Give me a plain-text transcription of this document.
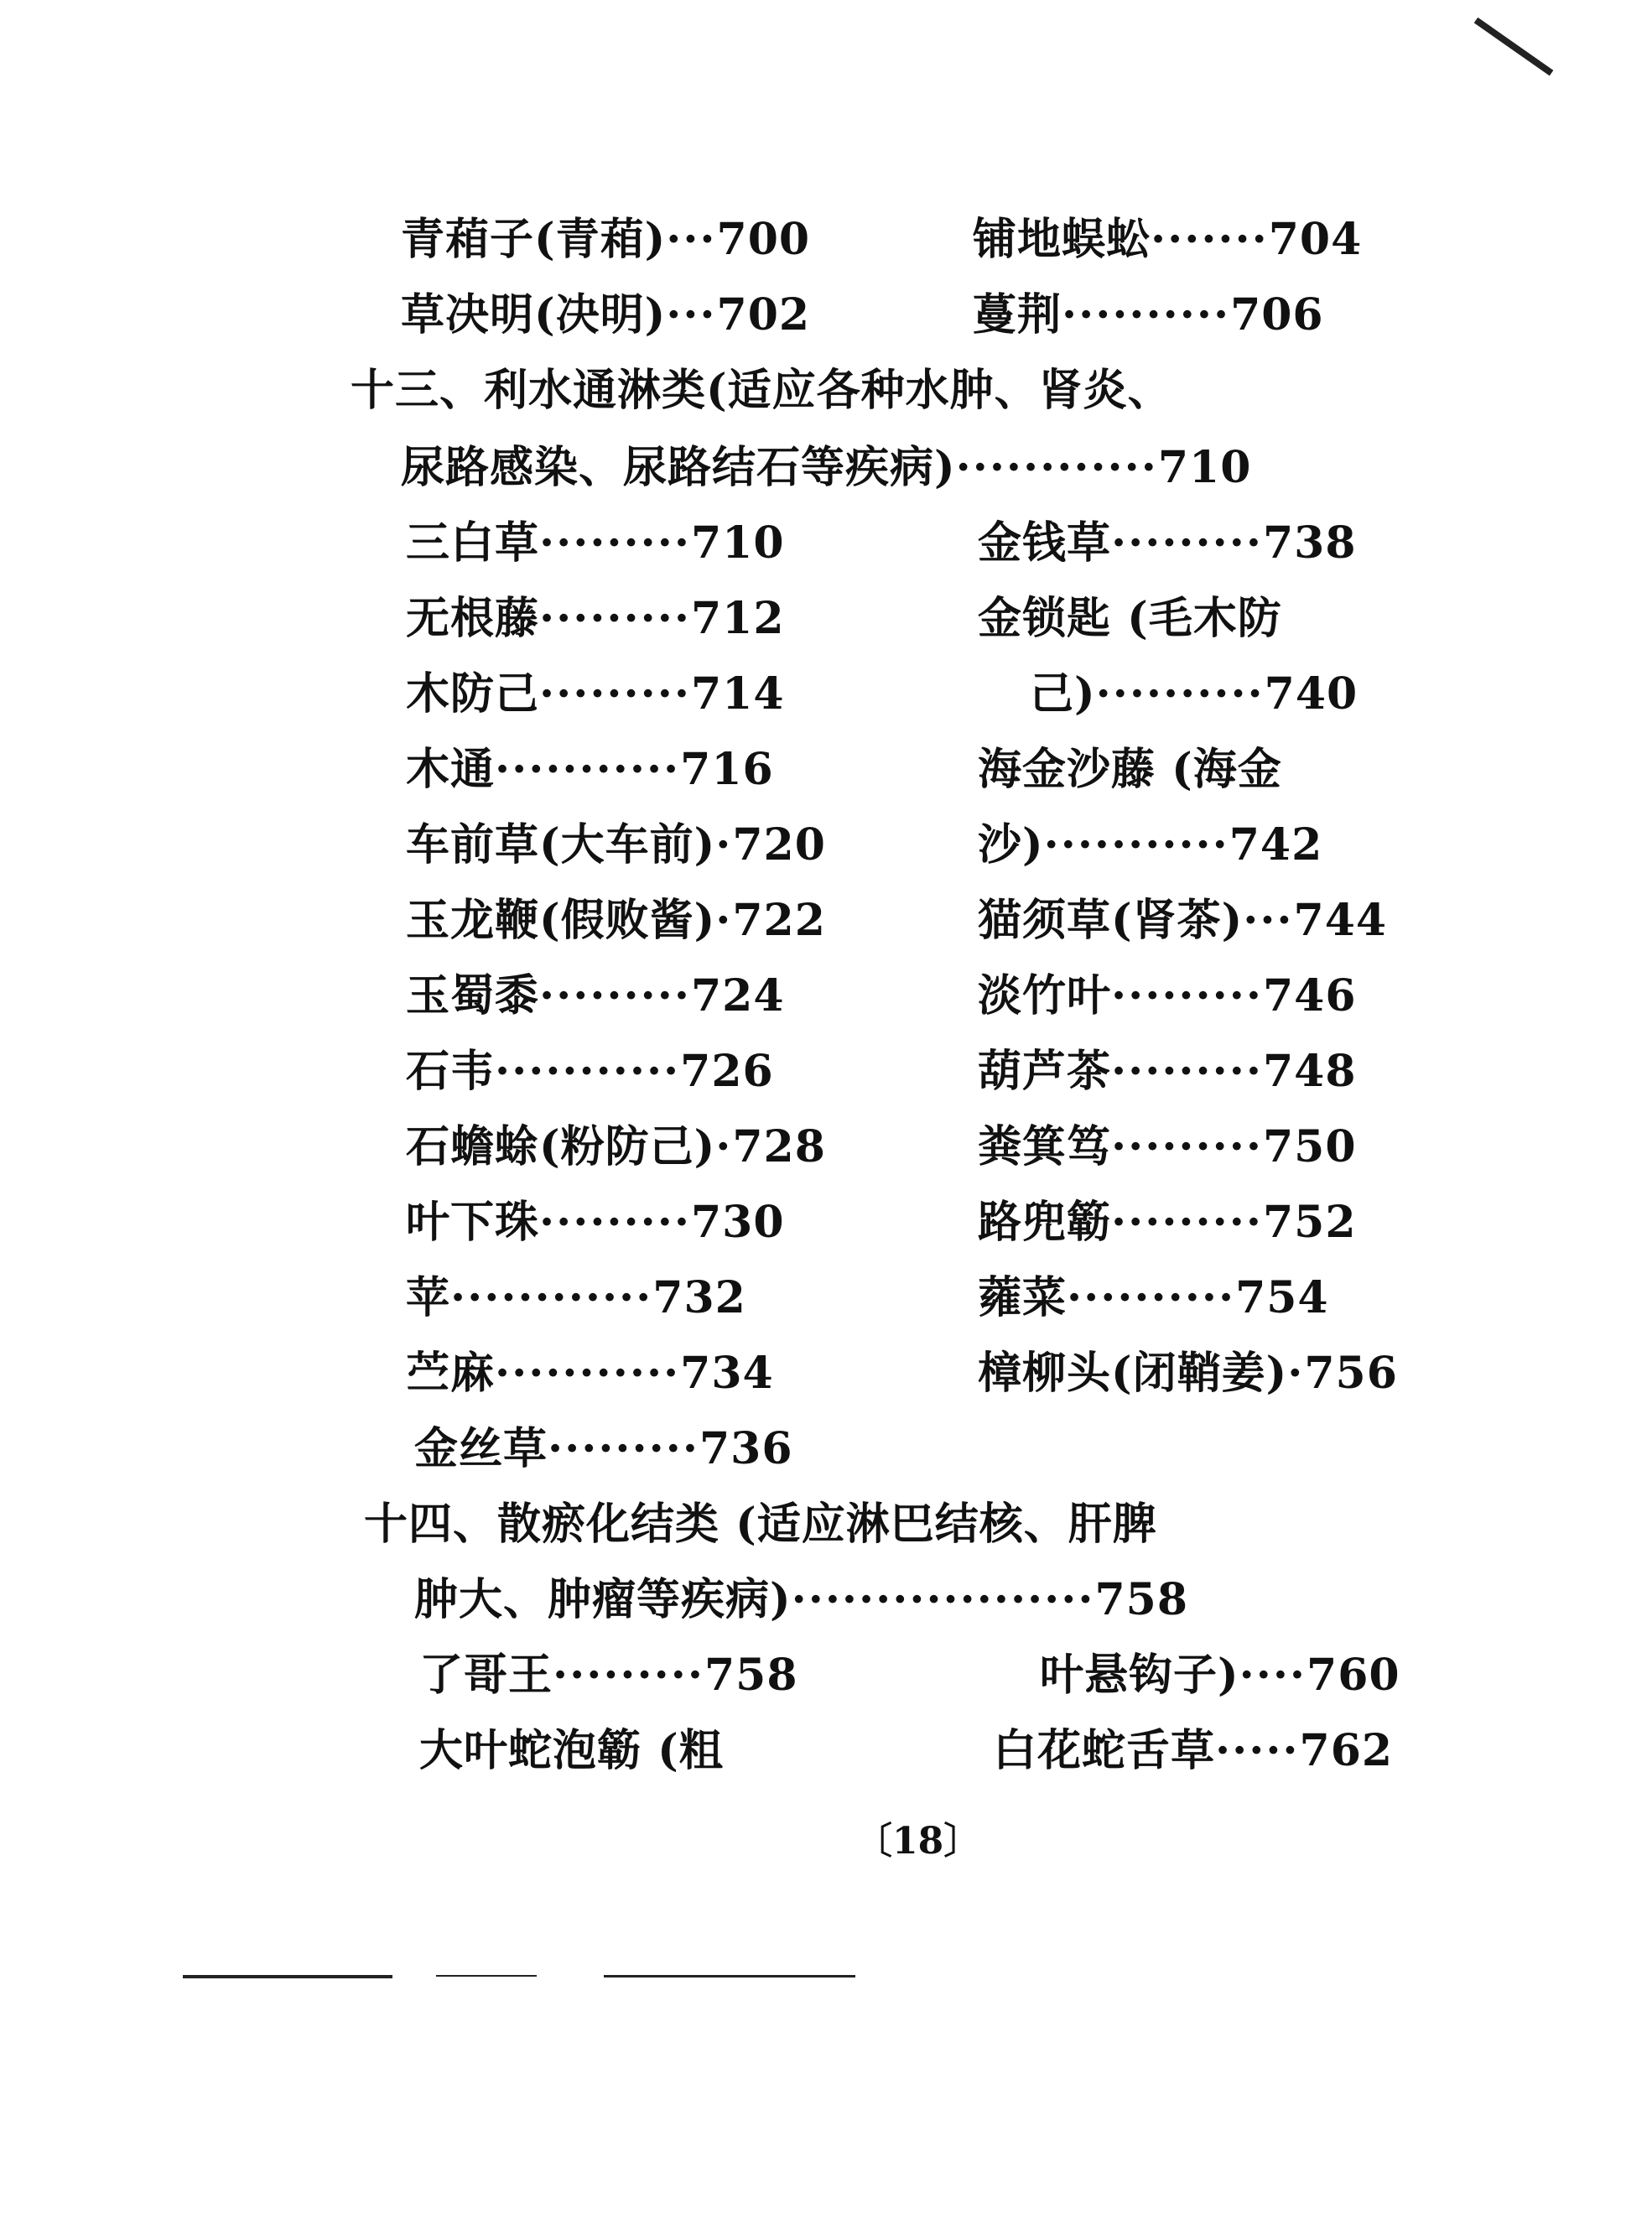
青葙子(青葙)···700	铺地蜈蚣·······704
草决明(决明)···702	蔓荆··········706
十三、利水通淋类(适应各种水肿、肾炎、
尿路感染、尿路结石等疾病)············710
三白草·········710
无根藤·········712
木防己·········714
木通···········716
车前草(大车前)·720
玉龙鞭(假败酱)·722
玉蜀黍·········724
石韦···········726
石蟾蜍(粉防己)·728
叶下珠·········730
苹············732
苎麻···········734
金丝草·········736
金钱草·········738
金锁匙 (毛木防
己)··········740
海金沙藤 (海金
沙)···········742
猫须草(肾茶)···744
淡竹叶·········746
葫芦茶·········748
粪箕笃·········750
路兜簕·········752
蕹菜··········754
樟柳头(闭鞘姜)·756
十四、散瘀化结类 (适应淋巴结核、肝脾
肿大、肿瘤等疾病)··················758
了哥王·········758
大叶蛇泡簕 (粗
叶悬钩子)····760
白花蛇舌草·····762
〔18〕
